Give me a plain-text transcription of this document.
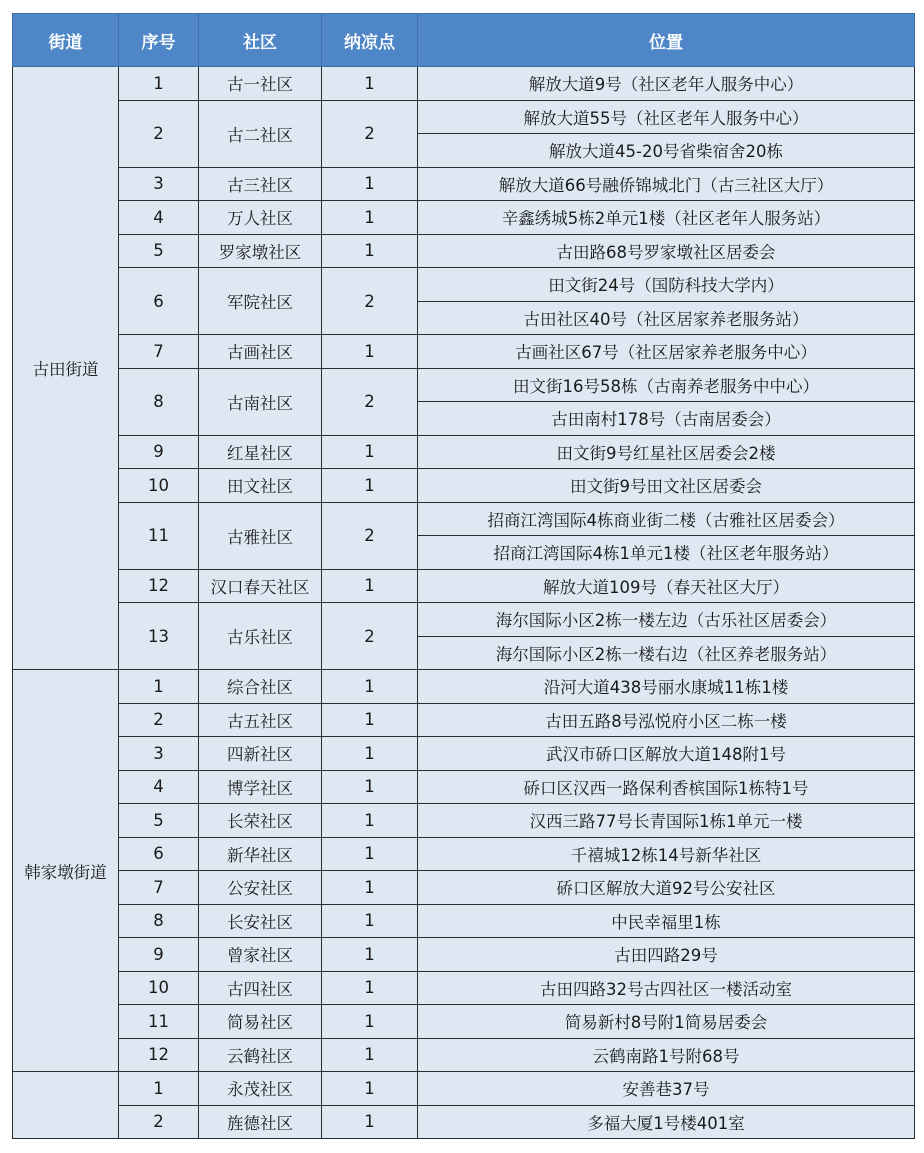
街道	序号	社区	纳凉点	位置
古田街道	1	古一社区	1	解放大道9号（社区老年人服务中心）
	2	古二社区	2	解放大道55号（社区老年人服务中心）
				解放大道45-20号省柴宿舍20栋
	3	古三社区	1	解放大道66号融侨锦城北门（古三社区大厅）
	4	万人社区	1	辛鑫绣城5栋2单元1楼（社区老年人服务站）
	5	罗家墩社区	1	古田路68号罗家墩社区居委会
	6	军院社区	2	田文街24号（国防科技大学内）
				古田社区40号（社区居家养老服务站）
	7	古画社区	1	古画社区67号（社区居家养老服务中心）
	8	古南社区	2	田文街16号58栋（古南养老服务中中心）
				古田南村178号（古南居委会）
	9	红星社区	1	田文街9号红星社区居委会2楼
	10	田文社区	1	田文街9号田文社区居委会
	11	古雅社区	2	招商江湾国际4栋商业街二楼（古雅社区居委会）
				招商江湾国际4栋1单元1楼（社区老年服务站）
	12	汉口春天社区	1	解放大道109号（春天社区大厅）
	13	古乐社区	2	海尔国际小区2栋一楼左边（古乐社区居委会）
				海尔国际小区2栋一楼右边（社区养老服务站）
韩家墩街道	1	综合社区	1	沿河大道438号丽水康城11栋1楼
	2	古五社区	1	古田五路8号泓悦府小区二栋一楼
	3	四新社区	1	武汉市硚口区解放大道148附1号
	4	博学社区	1	硚口区汉西一路保利香槟国际1栋特1号
	5	长荣社区	1	汉西三路77号长青国际1栋1单元一楼
	6	新华社区	1	千禧城12栋14号新华社区
	7	公安社区	1	硚口区解放大道92号公安社区
	8	长安社区	1	中民幸福里1栋
	9	曾家社区	1	古田四路29号
	10	古四社区	1	古田四路32号古四社区一楼活动室
	11	简易社区	1	简易新村8号附1简易居委会
	12	云鹤社区	1	云鹤南路1号附68号
	1	永茂社区	1	安善巷37号
	2	旌德社区	1	多福大厦1号楼401室
